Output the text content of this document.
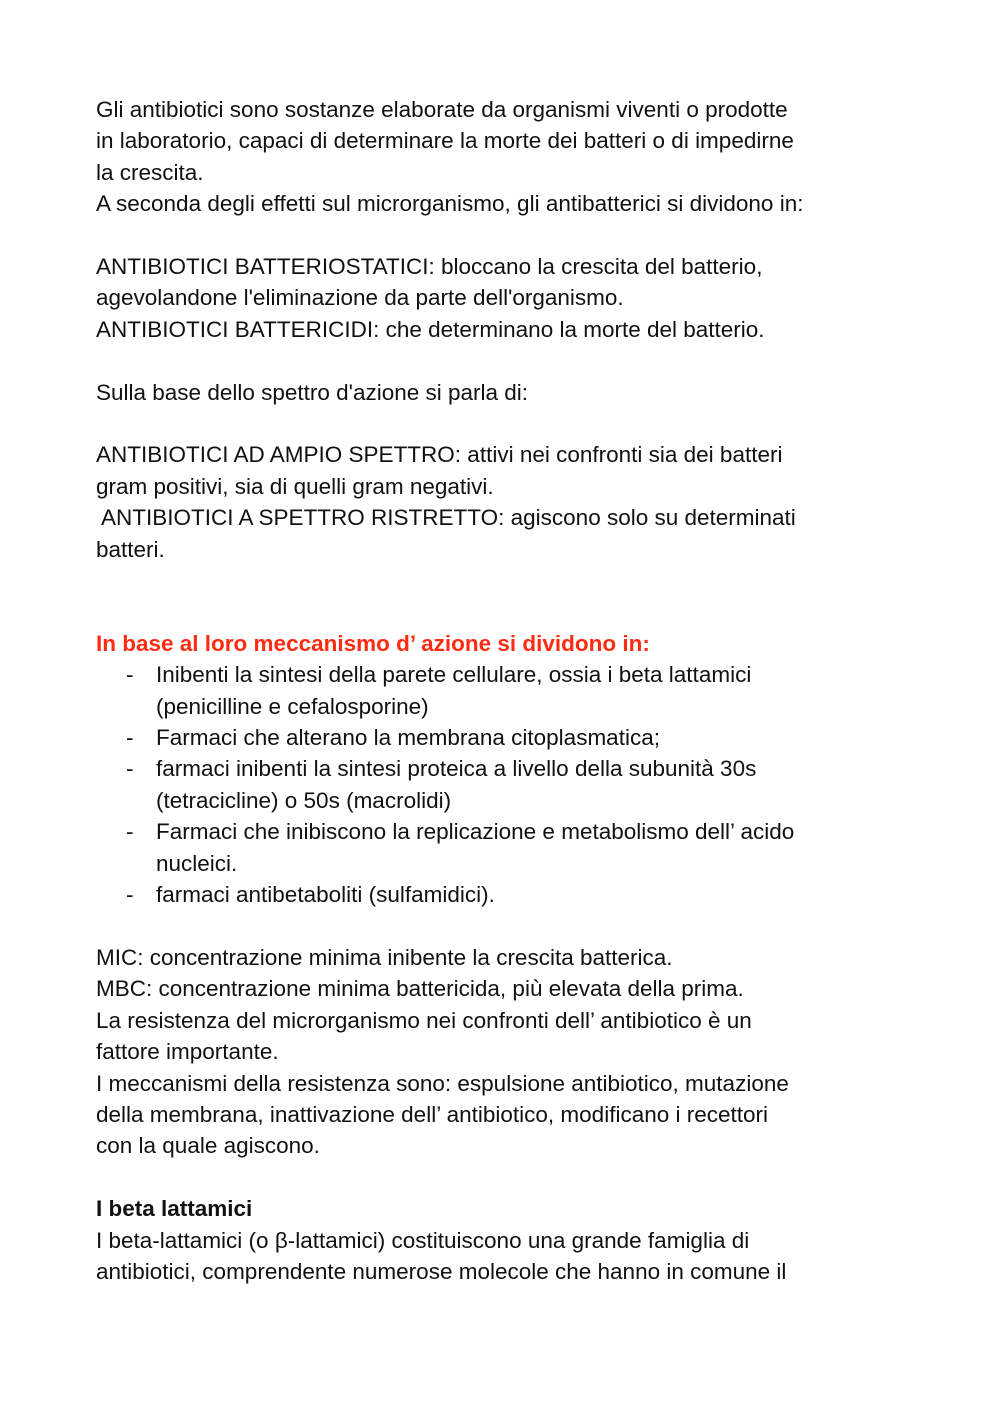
Gli antibiotici sono sostanze elaborate da organismi viventi o prodotte
in laboratorio, capaci di determinare la morte dei batteri o di impedirne
la crescita.
A seconda degli effetti sul microrganismo, gli antibatterici si dividono in:
ANTIBIOTICI BATTERIOSTATICI: bloccano la crescita del batterio,
agevolandone l'eliminazione da parte dell'organismo.
ANTIBIOTICI BATTERICIDI: che determinano la morte del batterio.
Sulla base dello spettro d'azione si parla di:
ANTIBIOTICI AD AMPIO SPETTRO: attivi nei confronti sia dei batteri
gram positivi, sia di quelli gram negativi.
ANTIBIOTICI A SPETTRO RISTRETTO: agiscono solo su determinati
batteri.
In base al loro meccanismo d’ azione si dividono in:
- Inibenti la sintesi della parete cellulare, ossia i beta lattamici
(penicilline e cefalosporine)
- Farmaci che alterano la membrana citoplasmatica;
- farmaci inibenti la sintesi proteica a livello della subunità 30s
(tetracicline) o 50s (macrolidi)
- Farmaci che inibiscono la replicazione e metabolismo dell’ acido
nucleici.
- farmaci antibetaboliti (sulfamidici).
MIC: concentrazione minima inibente la crescita batterica.
MBC: concentrazione minima battericida, più elevata della prima.
La resistenza del microrganismo nei confronti dell’ antibiotico è un
fattore importante.
I meccanismi della resistenza sono: espulsione antibiotico, mutazione
della membrana, inattivazione dell’ antibiotico, modificano i recettori
con la quale agiscono.
I beta lattamici
I beta-lattamici (o β-lattamici) costituiscono una grande famiglia di
antibiotici, comprendente numerose molecole che hanno in comune il
